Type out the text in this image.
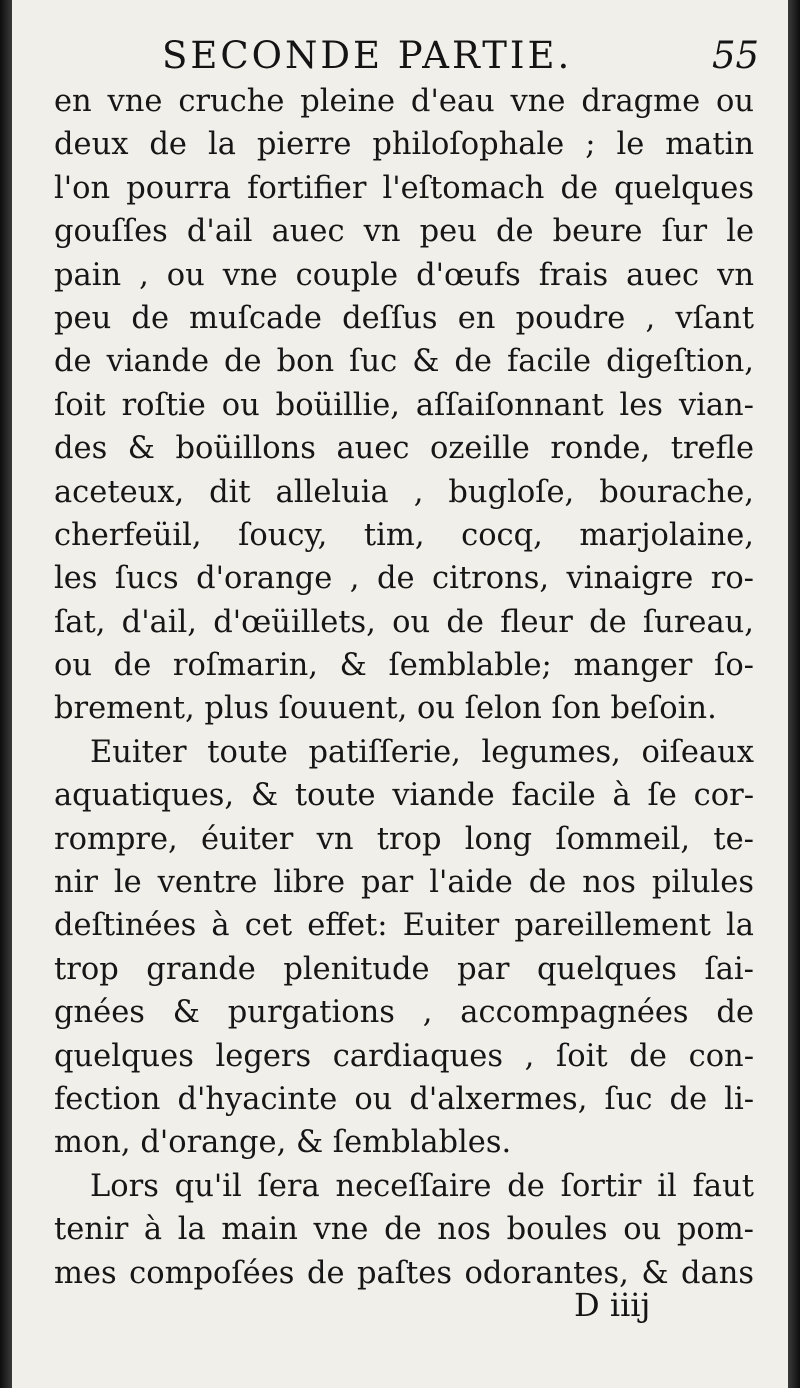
SECONDE PARTIE.	55
en vne cruche pleine d'eau vne dragme ou
deux de la pierre philoſophale ; le matin
l'on pourra fortifier l'eſtomach de quelques
gouſſes d'ail auec vn peu de beure ſur le
pain , ou vne couple d'œufs frais auec vn
peu de muſcade deſſus en poudre , vſant
de viande de bon ſuc & de facile digeſtion,
ſoit roſtie ou boüillie, aſſaiſonnant les vian-
des & boüillons auec ozeille ronde, trefle
aceteux, dit alleluia , bugloſe, bourache,
cherfeüil, ſoucy, tim, cocq, marjolaine,
les ſucs d'orange , de citrons, vinaigre ro-
ſat, d'ail, d'œüillets, ou de fleur de ſureau,
ou de roſmarin, & ſemblable; manger ſo-
brement, plus ſouuent, ou ſelon ſon beſoin.
Euiter toute patiſſerie, legumes, oiſeaux
aquatiques, & toute viande facile à ſe cor-
rompre, éuiter vn trop long ſommeil, te-
nir le ventre libre par l'aide de nos pilules
deſtinées à cet effet: Euiter pareillement la
trop grande plenitude par quelques ſai-
gnées & purgations , accompagnées de
quelques legers cardiaques , ſoit de con-
fection d'hyacinte ou d'alxermes, ſuc de li-
mon, d'orange, & ſemblables.
Lors qu'il ſera neceſſaire de ſortir il faut
tenir à la main vne de nos boules ou pom-
mes compoſées de paſtes odorantes, & dans
D iiij
